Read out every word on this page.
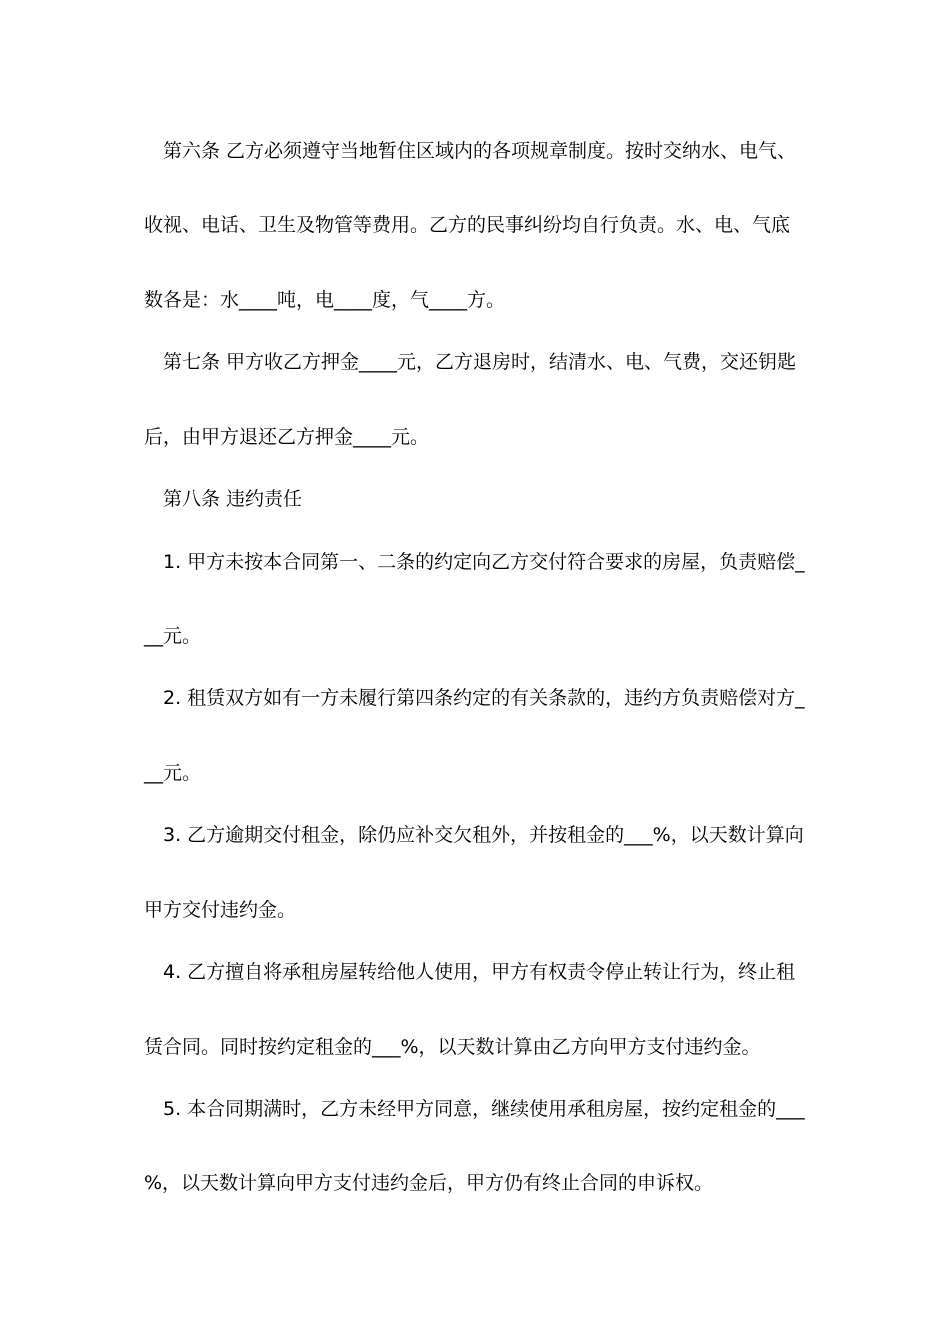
第六条 乙方必须遵守当地暂住区域内的各项规章制度。按时交纳水、电气、

收视、电话、卫生及物管等费用。乙方的民事纠纷均自行负责。水、电、气底

数各是：水____吨，电____度，气____方。

第七条 甲方收乙方押金____元，乙方退房时，结清水、电、气费，交还钥匙

后，由甲方退还乙方押金____元。

第八条 违约责任

1. 甲方未按本合同第一、二条的约定向乙方交付符合要求的房屋，负责赔偿_

__元。

2. 租赁双方如有一方未履行第四条约定的有关条款的，违约方负责赔偿对方_

__元。

3. 乙方逾期交付租金，除仍应补交欠租外，并按租金的___%，以天数计算向

甲方交付违约金。

4. 乙方擅自将承租房屋转给他人使用，甲方有权责令停止转让行为，终止租

赁合同。同时按约定租金的___%，以天数计算由乙方向甲方支付违约金。

5. 本合同期满时，乙方未经甲方同意，继续使用承租房屋，按约定租金的___

%，以天数计算向甲方支付违约金后，甲方仍有终止合同的申诉权。
